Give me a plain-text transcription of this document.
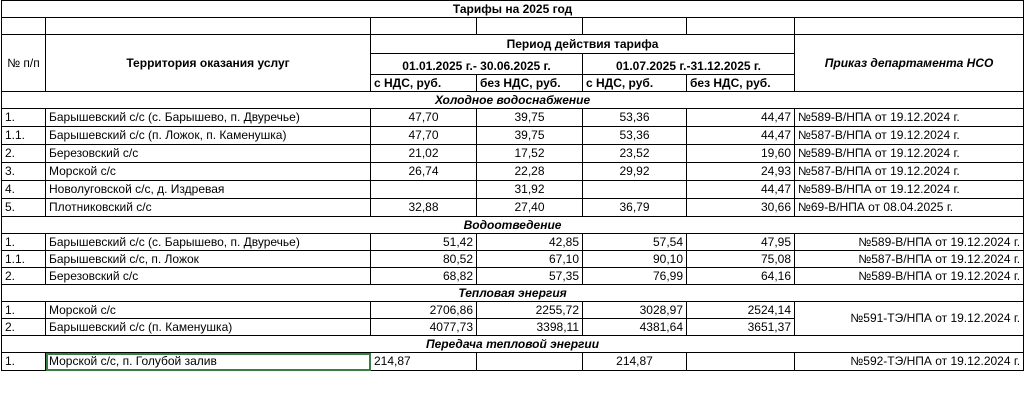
Тарифы на 2025 год						

№ п/п	Территория оказания услуг	Период действия тарифа				Приказ департамента НСО
		01.01.2025 г.- 30.06.2025 г.		01.07.2025 г.-31.12.2025 г.		
		с НДС, руб.	без НДС, руб.	с НДС, руб.	без НДС, руб.	
Холодное водоснабжение						
1.	Барышевский с/с (с. Барышево, п. Двуречье)	47,70	39,75	53,36	44,47	№589-В/НПА от 19.12.2024 г.
1.1.	Барышевский с/с (п. Ложок, п. Каменушка)	47,70	39,75	53,36	44,47	№587-В/НПА от 19.12.2024 г.
2.	Березовский с/с	21,02	17,52	23,52	19,60	№589-В/НПА от 19.12.2024 г.
3.	Морской с/с	26,74	22,28	29,92	24,93	№587-В/НПА от 19.12.2024 г.
4.	Новолуговской с/с, д. Издревая		31,92		44,47	№589-В/НПА от 19.12.2024 г.
5.	Плотниковский с/с	32,88	27,40	36,79	30,66	№69-В/НПА от 08.04.2025 г.
Водоотведение						
1.	Барышевский с/с (с. Барышево, п. Двуречье)	51,42	42,85	57,54	47,95	№589-В/НПА от 19.12.2024 г.
1.1.	Барышевский с/с, п. Ложок	80,52	67,10	90,10	75,08	№587-В/НПА от 19.12.2024 г.
2.	Березовский с/с	68,82	57,35	76,99	64,16	№589-В/НПА от 19.12.2024 г.
Тепловая энергия						
1.	Морской с/с	2706,86	2255,72	3028,97	2524,14	№591-ТЭ/НПА от 19.12.2024 г.
2.	Барышевский с/с (п. Каменушка)	4077,73	3398,11	4381,64	3651,37	
Передача тепловой энергии						
1.	Морской с/с, п. Голубой залив	214,87		214,87		№592-ТЭ/НПА от 19.12.2024 г.
